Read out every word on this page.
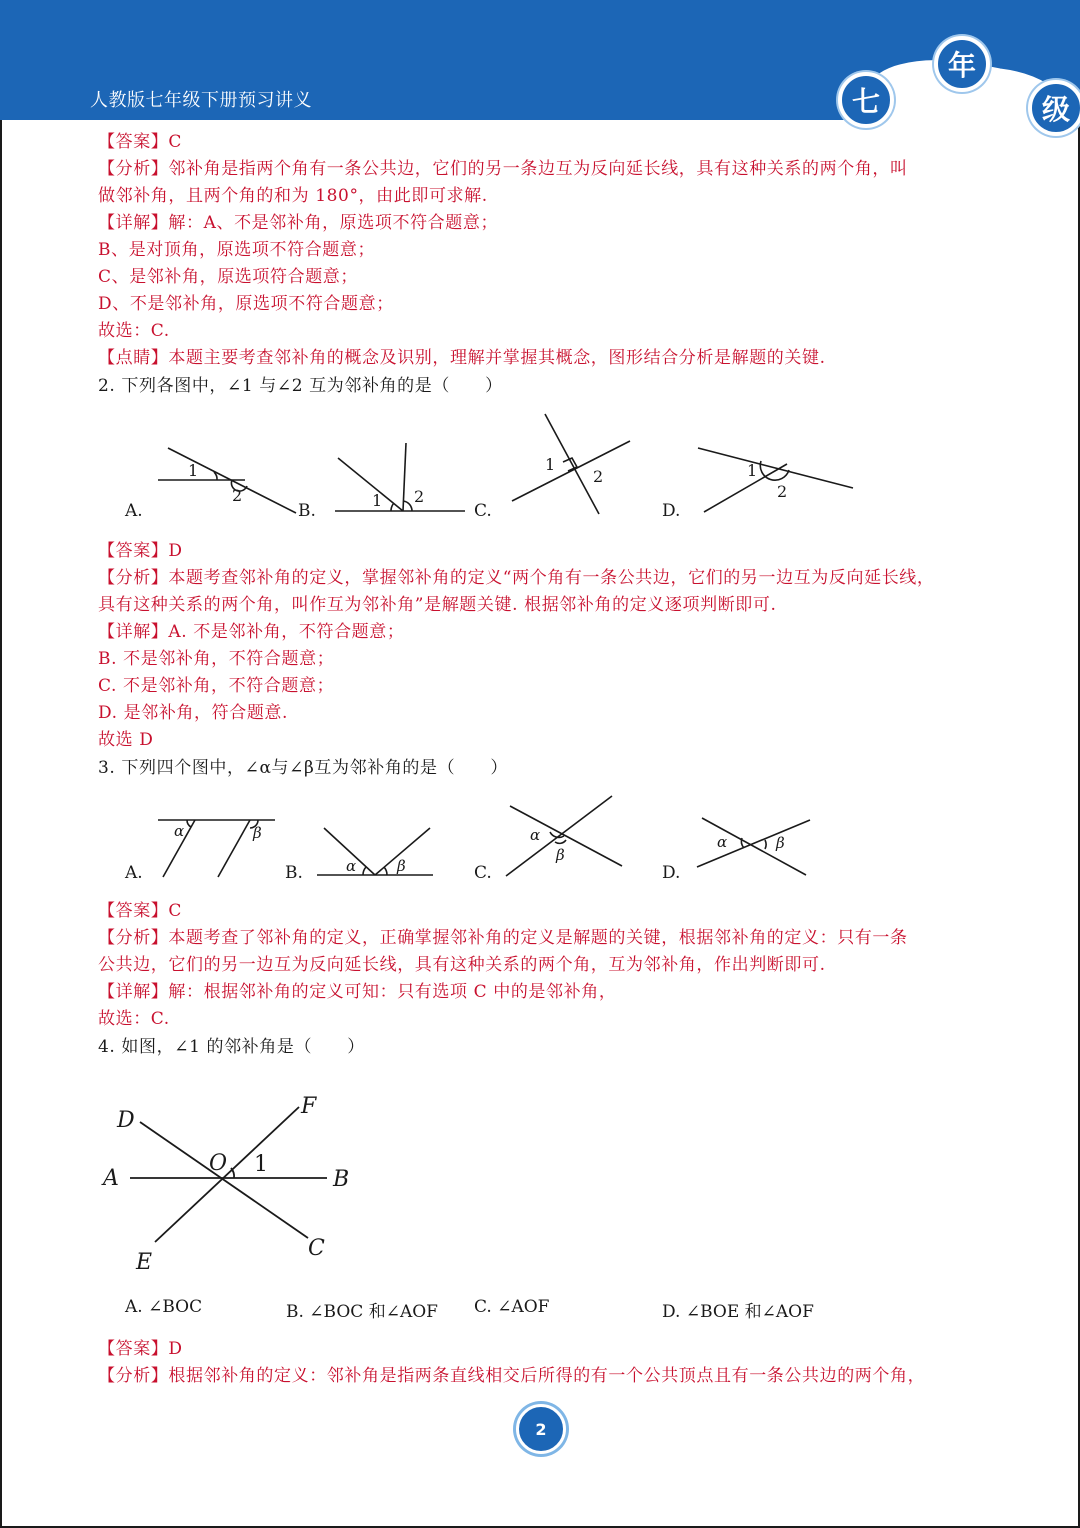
人教版七年级下册预习讲义	七
年
级
【答案】C
【分析】邻补角是指两个角有一条公共边，它们的另一条边互为反向延长线，具有这种关系的两个角，叫
做邻补角，且两个角的和为 180°，由此即可求解.
【详解】解：A、不是邻补角，原选项不符合题意；
B、是对顶角，原选项不符合题意；
C、是邻补角，原选项符合题意；
D、不是邻补角，原选项不符合题意；
故选：C.
【点睛】本题主要考查邻补角的概念及识别，理解并掌握其概念，图形结合分析是解题的关键.
2. 下列各图中，∠1 与∠2 互为邻补角的是（　　）
1
2	1 2
1
2	1
2
A.	B.	C.	D.
【答案】D
【分析】本题考查邻补角的定义，掌握邻补角的定义“两个角有一条公共边，它们的另一边互为反向延长线，
具有这种关系的两个角，叫作互为邻补角”是解题关键. 根据邻补角的定义逐项判断即可.
【详解】A. 不是邻补角，不符合题意；
B. 不是邻补角，不符合题意；
C. 不是邻补角，不符合题意；
D. 是邻补角，符合题意.
故选 D
3. 下列四个图中，∠α与∠β互为邻补角的是（　　）
α	β
α	β
α
β
α	β
A.	B.	C.	D.
【答案】C
【分析】本题考查了邻补角的定义，正确掌握邻补角的定义是解题的关键，根据邻补角的定义：只有一条
公共边，它们的另一边互为反向延长线，具有这种关系的两个角，互为邻补角，作出判断即可.
【详解】解：根据邻补角的定义可知：只有选项 C 中的是邻补角，
故选：C.
4. 如图，∠1 的邻补角是（　　）
D
F
A
O 1
B
E
C
A. ∠BOC	B. ∠BOC 和∠AOF C. ∠AOF	D. ∠BOE 和∠AOF
【答案】D
【分析】根据邻补角的定义：邻补角是指两条直线相交后所得的有一个公共顶点且有一条公共边的两个角，
2
